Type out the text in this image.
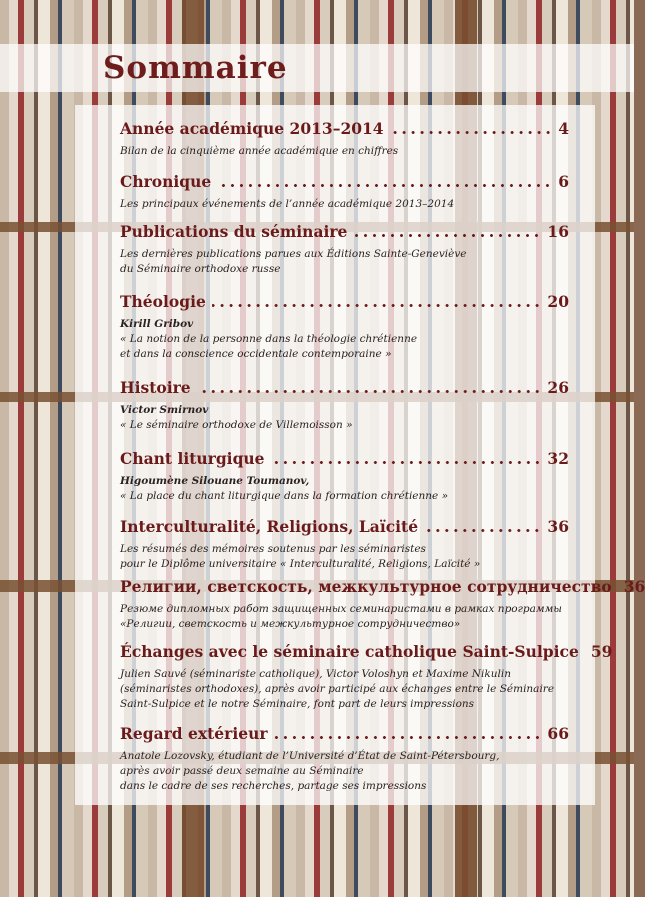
Sommaire
Année académique 2013–2014	4
Bilan de la cinquième année académique en chiffres
Chronique	6
Les principaux événements de l’année académique 2013–2014
Publications du séminaire	16
Les dernières publications parues aux Éditions Sainte-Geneviève
du Séminaire orthodoxe russe
Théologie	20
Kirill Gribov
« La notion de la personne dans la théologie chrétienne
et dans la conscience occidentale contemporaine »
Histoire	26
Victor Smirnov
« Le séminaire orthodoxe de Villemoisson »
Chant liturgique	32
Higoumène Silouane Toumanov,
« La place du chant liturgique dans la formation chrétienne »
Interculturalité, Religions, Laïcité	36
Les résumés des mémoires soutenus par les séminaristes
pour le Diplôme universitaire « Interculturalité, Religions, Laïcité »
Религии, светскость, межкультурное сотрудничество 36
Резюме дипломных работ защищенных семинаристами в рамках программы
«Религии, светскость и межкультурное сотрудничество»
Échanges avec le séminaire catholique Saint-Sulpice 59
Julien Sauvé (séminariste catholique), Victor Voloshyn et Maxime Nikulin
(séminaristes orthodoxes), après avoir participé aux échanges entre le Séminaire
Saint-Sulpice et le notre Séminaire, font part de leurs impressions
Regard extérieur	66
Anatole Lozovsky, étudiant de l’Université d’État de Saint-Pétersbourg,
après avoir passé deux semaine au Séminaire
dans le cadre de ses recherches, partage ses impressions
